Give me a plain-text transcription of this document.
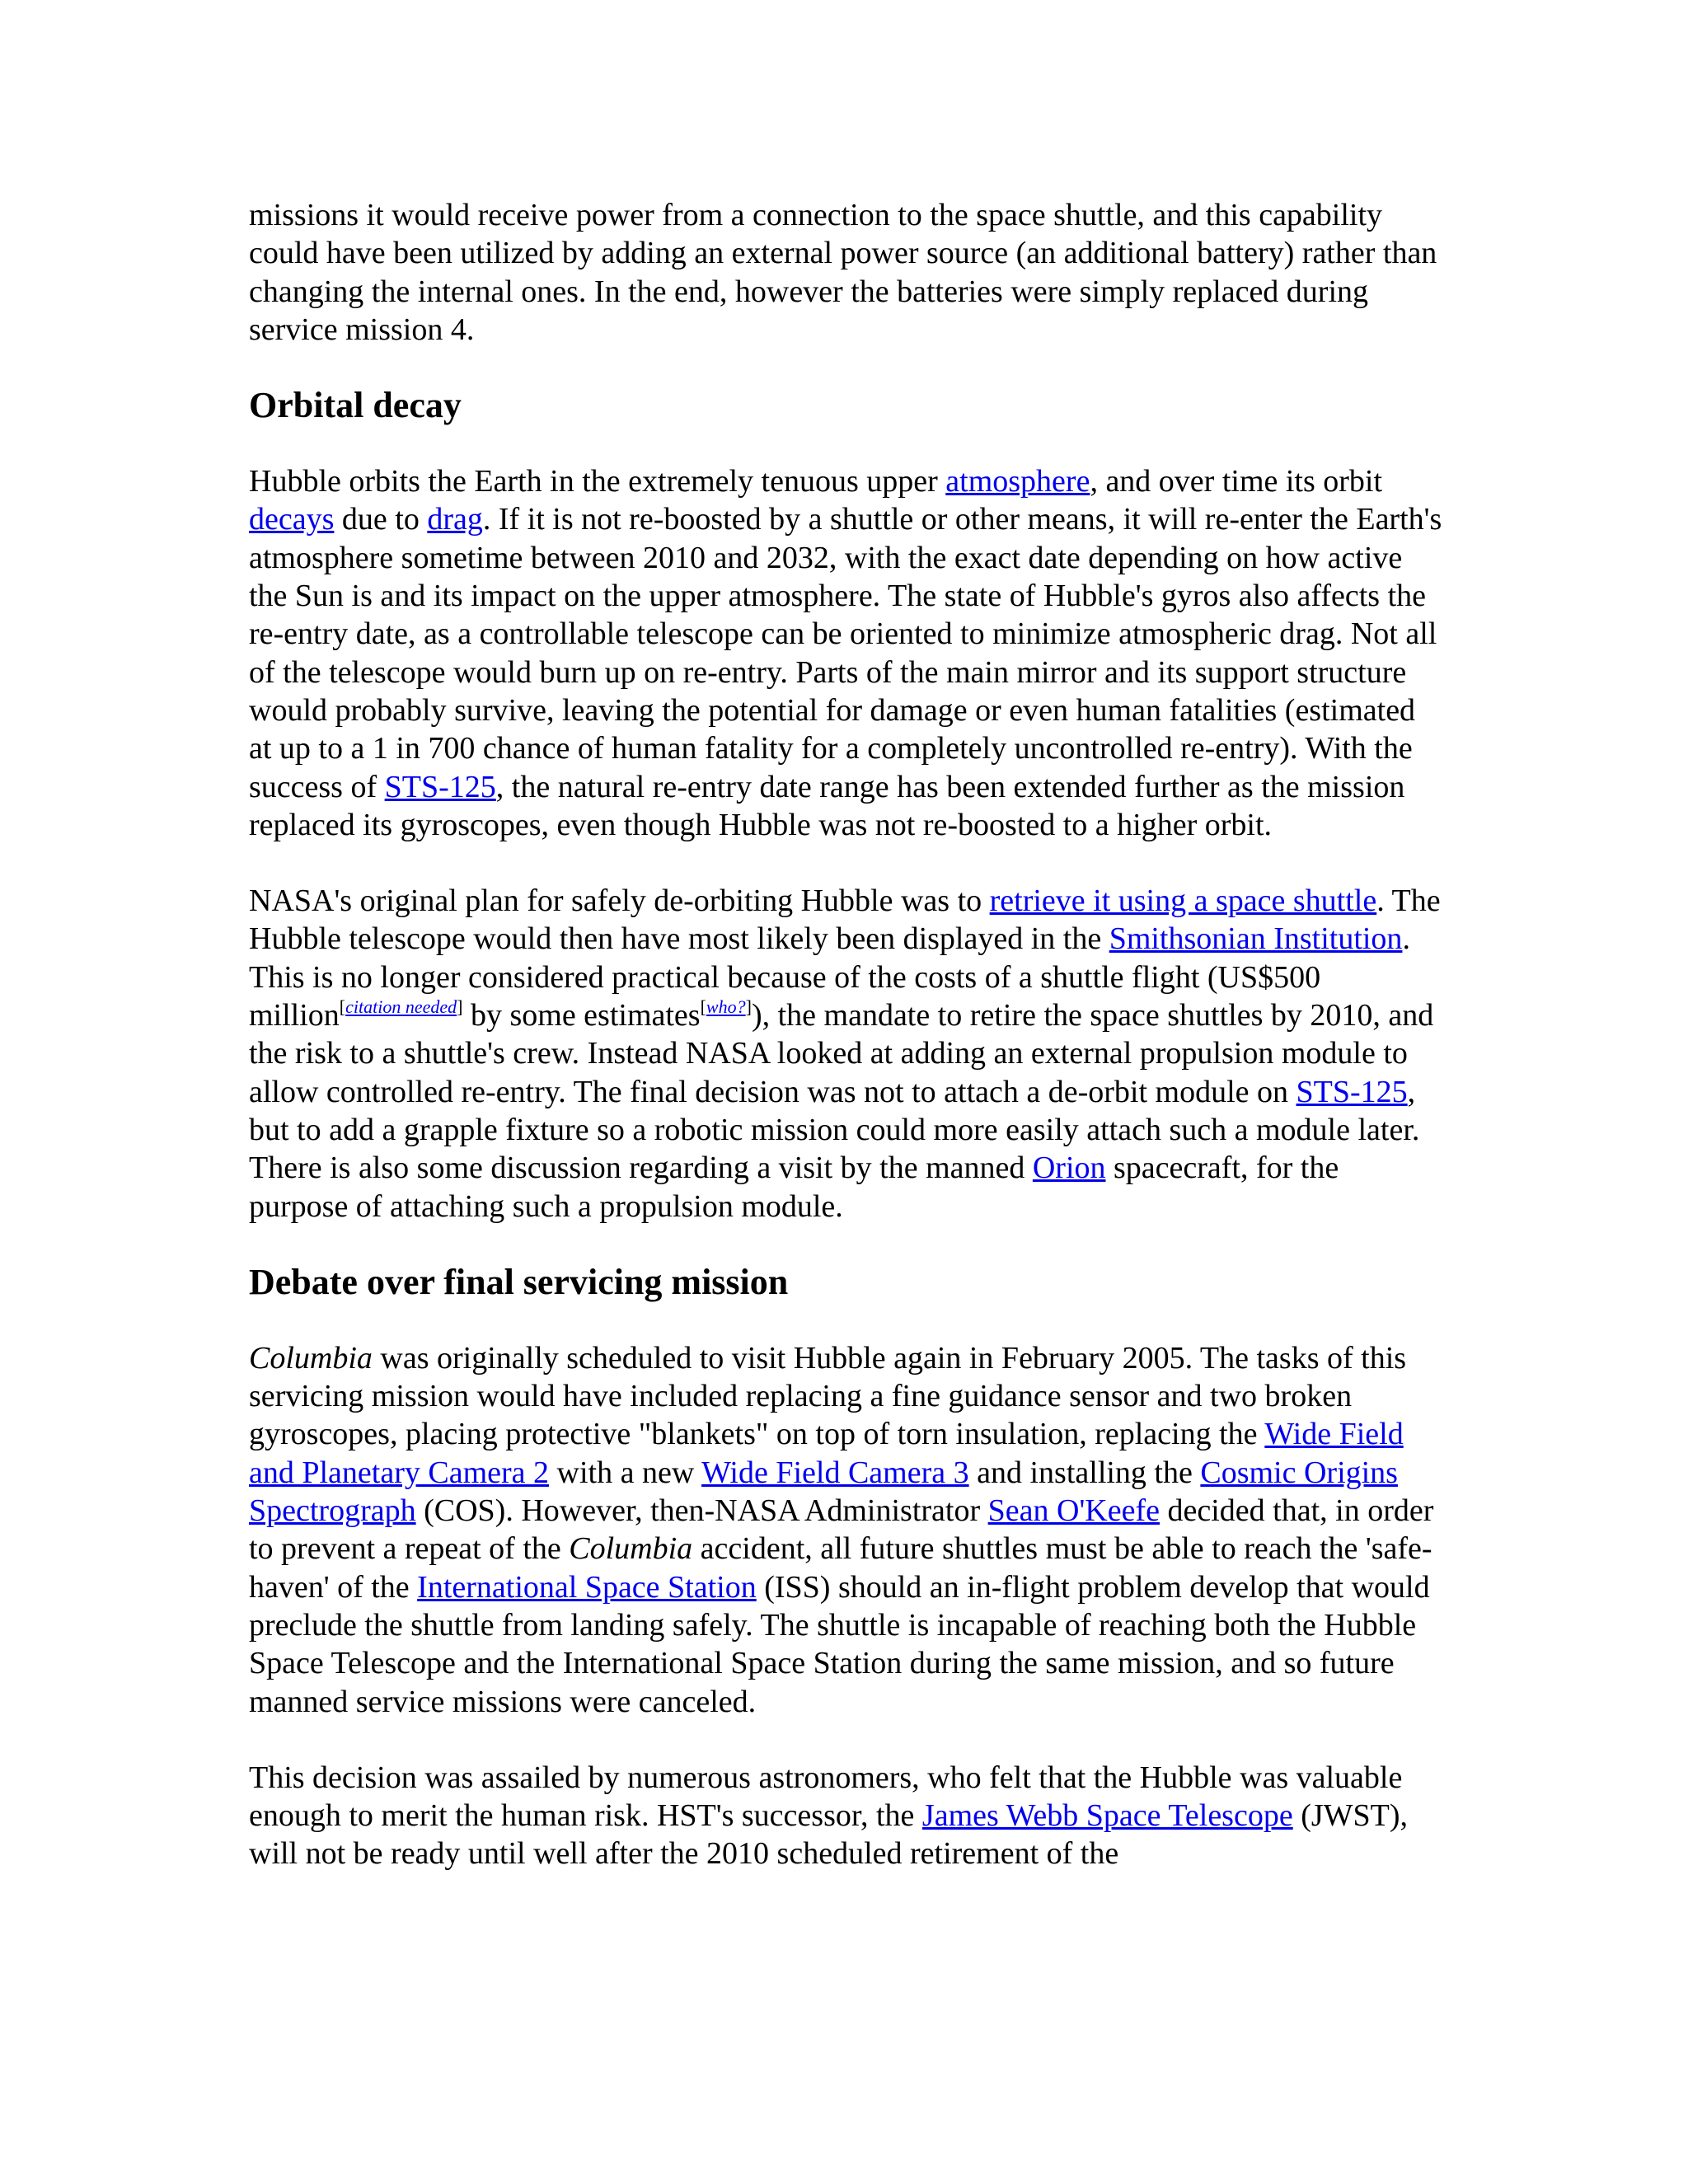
missions it would receive power from a connection to the space shuttle, and this capability could have been utilized by adding an external power source (an additional battery) rather than changing the internal ones. In the end, however the batteries were simply replaced during service mission 4.

Orbital decay

Hubble orbits the Earth in the extremely tenuous upper atmosphere, and over time its orbit decays due to drag. If it is not re-boosted by a shuttle or other means, it will re-enter the Earth's atmosphere sometime between 2010 and 2032, with the exact date depending on how active the Sun is and its impact on the upper atmosphere. The state of Hubble's gyros also affects the re-entry date, as a controllable telescope can be oriented to minimize atmospheric drag. Not all of the telescope would burn up on re-entry. Parts of the main mirror and its support structure would probably survive, leaving the potential for damage or even human fatalities (estimated at up to a 1 in 700 chance of human fatality for a completely uncontrolled re-entry). With the success of STS-125, the natural re-entry date range has been extended further as the mission replaced its gyroscopes, even though Hubble was not re-boosted to a higher orbit.

NASA's original plan for safely de-orbiting Hubble was to retrieve it using a space shuttle. The Hubble telescope would then have most likely been displayed in the Smithsonian Institution. This is no longer considered practical because of the costs of a shuttle flight (US$500 million[citation needed] by some estimates[who?]), the mandate to retire the space shuttles by 2010, and the risk to a shuttle's crew. Instead NASA looked at adding an external propulsion module to allow controlled re-entry. The final decision was not to attach a de-orbit module on STS-125, but to add a grapple fixture so a robotic mission could more easily attach such a module later. There is also some discussion regarding a visit by the manned Orion spacecraft, for the purpose of attaching such a propulsion module.

Debate over final servicing mission

Columbia was originally scheduled to visit Hubble again in February 2005. The tasks of this servicing mission would have included replacing a fine guidance sensor and two broken gyroscopes, placing protective "blankets" on top of torn insulation, replacing the Wide Field and Planetary Camera 2 with a new Wide Field Camera 3 and installing the Cosmic Origins Spectrograph (COS). However, then-NASA Administrator Sean O'Keefe decided that, in order to prevent a repeat of the Columbia accident, all future shuttles must be able to reach the 'safe-haven' of the International Space Station (ISS) should an in-flight problem develop that would preclude the shuttle from landing safely. The shuttle is incapable of reaching both the Hubble Space Telescope and the International Space Station during the same mission, and so future manned service missions were canceled.

This decision was assailed by numerous astronomers, who felt that the Hubble was valuable enough to merit the human risk. HST's successor, the James Webb Space Telescope (JWST), will not be ready until well after the 2010 scheduled retirement of the
